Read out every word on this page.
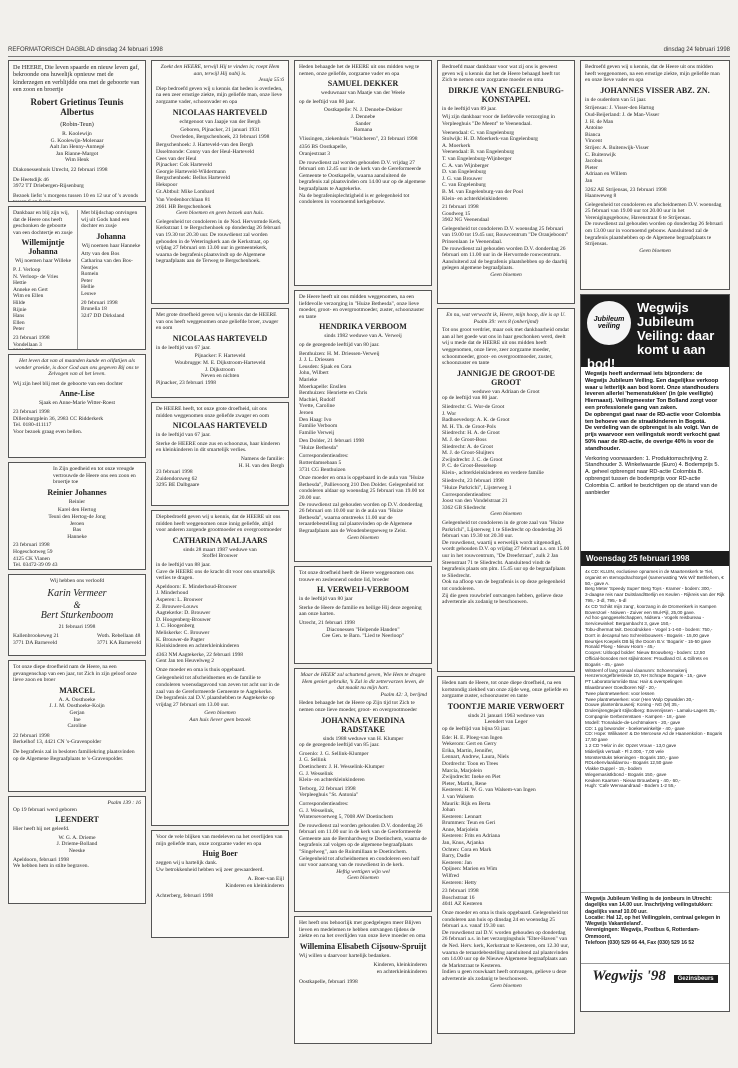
REFORMATORISCH DAGBLAD dinsdag 24 februari 1998	dinsdag 24 februari 1998
De HEERE, Die leven spaarde en nieuw leven gaf, bekroonde ons huwelijk opnieuw met de kinderzegen en verblijdde ons met de geboorte van een zoon en broertje
Robert Grietinus Teunis Albertus
(Robin-Teun)
R. Koolewijn
G. Koolewijn-Molenaar
Aalt Jan Henny-Anmegé
Jan Rianne-Margot
Wim Henk
Diakonessenhuis Utrecht, 22 februari 1998
De Heetsdijk 46
3972 TT Driebergen-Rijsenburg
Bezoek liefst 's morgens tussen 10 en 12 uur of 's avonds
Dankbaar en blij zijn wij, dat de Heere ons heeft geschonken de geboorte van een dochtertje en zusje
Willemijntje Johanna
Wij noemen haar Willeke
P. J. Verloop
N. Verloop- de Vries
Hettie
Anneke en Gert
Wim en Ellen
Hilde
Rijnie
Hans
Ellen
Peter
23 februari 1998
Vondellaan 3

Met blijdschap ontvingen wij uit Gods hand een dochter en zusje
Johanna
Wij noemen haar Hanneke
Atty van den Bos
Catharina van den Bos-Nentjes
Romein
Peter
Hellie
Leuwe
20 februari 1998
Brunelia 18
3247 DD Dirksland
Het leven dat van al maanden kunde en olifatijen als wonder groeide, is door God aan ons gegeven Bij ons te Zelvogen van al het leven.
Wij zijn heel blij met de geboorte van een dochter
Anne-Lise
Sjaak en Anne-Marie Witter-Roest
23 februari 1998
Dillenburgplein 36, 2983 CC Ridderkerk
Tel. 0180-411117
Voor bezoek graag even bellen.
In Zijn goedheid en tot onze vreugde vertrouwde de Heere ons een zoon en broertje toe
Reinier Johannes
Reinier
Karel den Hertog
Teuni den Hertog-de Jong
Jeroen
Bas
Hanneke
23 februari 1998
Hogeschotweg 59
4125 CK Vianen
Tel. 03472-39 09 43
Wij hebben ons verloofd
Karin Vermeer
&
Bert Sturkenboom
21 februari 1998
Kallenbrookeweg 21
3771 DA Barneveld
Woth. Rebellaan 48
3771 KA Barneveld
Tot onze diepe droefheid nam de Heere, na een gevangenschap van een jaar, tot Zich in zijn geloof onze lieve zoon en broer
MARCEL
A. A. Oosthoeke
J. J. M. Oosthoeke-Koijn
Gerjan
Ine
Caroline
22 februari 1998
Berkelhof 13, 4421 CN 's-Gravenpolder
De begrafenis zal in besloten familiekring plaatsvinden op de Algemene Begraafplaats te 's-Gravenpolder.
Psalm 139 : 16
Op 19 februari werd geboren
LEENDERT
Hier heeft hij net geleefd.
W. G. A. Drieme
J. Drieme-Bolland
Neeske
Apeldoorn, februari 1998
We hebben hem in stilte begraven.
Zoekt den HEERE, terwijl Hij te vinden is; roept Hem aan, terwijl Hij nabij is.
Jesaja 55:6
Diep bedroefd geven wij u kennis dat heden is overleden, na een zeer ernstige ziekte, mijn geliefde man, onze lieve zorgzame vader, schoonvader en opa
NICOLAAS HARTEVELD
echtgenoot van Jaapje van der Bergh
Geboren, Pijnacker, 21 januari 1931
Overleden, Bergschenhoek, 23 februari 1998
Bergschenhoek: J. Harteveld-van den Bergh
IJsselmonde: Conny van der Heul-Harteveld
Cees van der Heul
Pijnacker: Cok Harteveld
Georgie Harteveld-Wildermann
Bergschenhoek: Bellus Harteveld
Hekspoor
Gt.Abtbul: Mike Lombard
Van Vredenborchlaan 81
2661 HB Bergschenhoek
Geen bloemen en geen bezoek aan huis.
Gelegenheid tot condoleren in de Nod. Hervormde Kerk, Kerkstraat 1 te Bergschenhoek op donderdag 26 februari van 19.30 tot 20.30 uur. De rouwdienst zal worden gehouden in de Weteringkerk aan de Kerkstraat, op vrijdag 27 februari om 13.00 uur in gemeentekerk, waarna de begrafenis plaatsvindt op de Algemene begraafplaats aan de Terweg te Bergschenhoek.
Met grote droefheid geven wij u kennis dat de HEERE van ons heeft weggenomen onze geliefde broer, zwager en oom
NICOLAAS HARTEVELD
in de leeftijd van 67 jaar.
Pijnacker: F. Harteveld
Woubrugge: M. E. Dijkstroom-Harteveld
J. Dijkstroom
Neven en nichten
Pijnacker, 23 februari 1998
De HEERE heeft, tot onze grote droefheid, uit ons midden weggenomen onze geliefde zwager en oom
NICOLAAS HARTEVELD
in de leeftijd van 67 jaar.
Sterke de HEERE onze zus en schoonzus, haar kinderen en kleinkinderen in dit smartelijk verlies.
Namens de familie:
H. H. van den Bergh
23 februari 1998
Zuidendorsweg 62
3295 BE Dalbgaare
Diepbedroefd geven wij u kennis, dat de HEERE uit ons midden heeft weggenomen onze innig geliefde, altijd voor anderen zorgende grootmoeder en overgrootmoeder
CATHARINA MALJAARS
sinds 28 maart 1987 weduwe van
Stoffel Brouwer
in de leeftijd van 88 jaar.
Gave de HEERE ons de kracht dit voor ons smartelijk verlies te dragen.
Apeldoorn: E. Minderhoud-Brouwer
J. Minderhoud
Asperen: L. Brouwer
Z. Brouwer-Louws
Aagtekerke: D. Brouwer
D. Hoogenberg-Brouwer
J. C. Hoogenberg
Meliskerke: C. Brouwer
K. Brouwer-de Pagter
Kleinkinderen en achterkleinkinderen
4363 NM Aagtekerke, 22 februari 1998
Gent Jan ten Heuvelweg 2
Onze moeder en oma is thuis opgebaard.
Gelegenheid tot afscheidnemen en de familie te condoleren woensdagavond van zeven tot acht uur in de zaal van de Gereformeerde Gemeente te Aagtekerke.
De begrafenis zal D.V. plaatshebben te Aagtekerke op vrijdag 27 februari om 13.00 uur.
Geen bloemen
Aan huis liever geen bezoek
Voor de vele blijken van medeleven na het overlijden van mijn geliefde man, onze zorgzame vader en opa
Huig Boer
zeggen wij u hartelijk dank.
Uw betrokkenheid hebben wij zeer gewaardeerd.
A. Boer-van Eijl
Kinderen en kleinkinderen
Achterberg, februari 1998
Heden behaagde het de HEERE uit ons midden weg te nemen, onze geliefde, zorgzame vader en opa
SAMUEL DEKKER
weduwnaar van Maatje van der Weele
op de leeftijd van 80 jaar.
Oostkapelle: N. J. Dennebe-Dekker
J. Dennebe
Sander
Romana
Vlissingen, ziekenhuis "Walcheren", 23 februari 1998
4356 BS Oostkapelle,
Oranjestraat 3
De rouwdienst zal worden gehouden D.V. vrijdag 27 februari om 12.45 uur in de kerk van de Gereformeerde Gemeente te Oostkapelle, waarna aansluitend de begrafenis zal plaatsvinden om 14.00 uur op de algemene begraafplaats te Aagtekerke.
Na de begrafenisplechtigheid is er gelegenheid tot condoleren in voornoemd kerkgebouw.
De Heere heeft uit ons midden weggenomen, na een liefdevolle verzorging in "Huize Bethesda", onze lieve moeder, groot- en overgrootmoeder, zuster, schoonzuster en tante
HENDRIKA VERBOOM
sinds 1982 weduwe van A. Verweij
op de gezegende leeftijd van 80 jaar.
Benthuizen: H. M. Driessen-Verweij
J. J. L. Driessen
Leusden: Sjaak en Cora
John, Wilbert
Marieke
Moerkapelle: Ensllen
Benthuizen: Henriette en Chris
Machiel, Rudolf
Yvette, Caroline
Jeroen
Den Haag: Ivo
Familie Verboom
Familie Verweij
Den Dolder, 21 februari 1998
"Huize Bethesda"
Correspondentieadres:
Rotterdamsebaan 5
3731 CG Benthuizen
Onze moeder en oma is opgebaard in de aula van "Huize Bethesda", Pallievoorg 210 Den Dolder. Gelegenheid tot condoleren aldaar op woensdag 25 februari van 19.00 tot 20.00 uur.
De rouwdienst zal gehouden worden op D.V. donderdag 26 februari om 10.00 uur in de aula van "Huize Bethesda", waarna omstreeks 11.00 uur de teraardebestelling zal plaatsvinden op de Algemene Begraafplaats aan de Woudenbergseweg te Zeist.
Geen bloemen
Tot onze droefheid heeft de Heere weggenomen ons trouwe en zeslennend oudste lid, broeder
H. VERWEIJ-VERBOOM
in de leeftijd van 80 jaar
Sterke de Heere de familie en heilige Hij deze zegening aan onze harten.
Utrecht, 21 februari 1998
Diaconessen "Helpende Handen"
Cee Gen. te Barn. "Lied te Neerloop"
Maar de HEER' zal schuttend geven, Wie Hem te dragen Hem geniet gebruikt, 'k Zal in dit zettervarzen leven, de dat maakt nu mijn hart.
Psalm 42: 3, berijmd
Heden behaagde het de Heere op Zijn tijd tot Zich te nemen onze lieve moeder, groot- en overgrootmoeder
JOHANNA EVERDINA RADSTAKE
sinds 1988 weduwe van H. Klumper
op de gezegende leeftijd van 85 jaar.
Groenlo: J. G. Sellink-Klumper
J. G. Sellink
Doetinchem: J. H. Wesselink-Klumper
G. J. Wesselink
Klein- en achterkleinkinderen
Terborg, 22 februari 1998
Verpleeghuis "St. Antonia"
Correspondentieadres:
G. J. Wesselink,
Wintersevoetweg 5, 7008 AW Doetinchem
De rouwdienst zal worden gehouden D.V. donderdag 26 februari om 11.00 uur in de kerk van de Gereformeerde Gemeente aan de Bernhardweg te Doetinchem, waarna de begrafenis zal volgen op de algemene begraafplaats "Singelweg", aan de Ruinmillaan te Doetinchem.
Gelegenheid tot afscheidnemen en condoleren een half uur voor aanvang van de rouwdienst in de kerk.
Heftig wettigen wijn wel
Geen bloemen
Het heeft ons behoorlijk met goedgelegen meer Blijven lieven en medelemen te hebben ontvangen tijdens de ziekte en na het overlijden van onze lieve moeder en oma
Willemina Elisabeth Cijsouw-Spruijt
Wij willen u daarvoor hartelijk bedanken.
Kinderen, kleinkinderen
en achterkleinkinderen
Oostkapelle, februari 1998
Bedroefd maar dankbaar voor wat zij ons is geweest geven wij u kennis dat het de Heere behaagd heeft tot Zich te nemen onze zorgzame moeder en oma
DIRKJE VAN ENGELENBURG-KONSTAPEL
in de leeftijd van 89 jaar.
Wij zijn dankbaar voor de liefdevolle verzorging in Verpleeghuis "De Meent" te Veenendaal.
Veenendaal: C. van Engelenburg
Stolwijk: H. D. Moerkerk-van Engelenburg
A. Moerkerk
Veenendaal: B. van Engelenburg
T. van Engelenburg-Wijnberger
C. A. van Wijnberger
D. van Engelenburg
J. G. van Brouwer
C. van Engelenburg
B. M. van Engelenburg-van der Pool
Klein- en achterkleinkinderen
21 februari 1998
Goudweg 15
3902 NG Veenendaal
Gelegenheid tot condoleren D.V. woensdag 25 februari van 19.00 tot 19.45 uur, Rouwcentrum "De Oranjeboom" Prinsenlaan 1e Veenendaal.
De rouwdienst zal gehouden worden D.V. donderdag 26 februari om 11.00 uur in de Hervormde rouwcentrum.
Aansluitend zal de begrafenis plaatshebben op de daarbij gelegen algemene begraafplaats.
Geen bloemen
En nu, wat verwacht ik, Heere, mijn hoop, die is op U.
Psalm 39: vers 8 (onberijmd)
Tot ons groot verdriet, maar ook met dankbaarheid omdat aan al het goede wat ons in haar geschonken werd, deelt wij u mede dat de HEERE uit ons midden heeft weggenomen, onze lieve, zeer zorgzame moeder, schoonmoeder, groot- en overgrootmoeder, zuster, schoonzuster en tante
JANNIGJE DE GROOT-DE GROOT
weduwe van Adriaan de Groot
op de leeftijd van 80 jaar.
Sliedrecht: G. Wor-de Groot
J. Wor
Badhoevedorp: A. K. de Groot
M. H. Th. de Groot-Pols
Sliedrecht: H. A. de Groot
M. J. de Groot-Boss
Sliedrecht: A. de Groot
M. J. de Groot-Sluijters
Zwijndrecht: J. C. de Groot
P. C. de Groot-Besselsep
Klein-, achterkleinkinderen en verdere familie
Sliedrecht, 23 februari 1998
"Huize Parkrichi", Lijsterweg 1
Correspondentieadres:
Joost van den Vondelstraat 21
3362 GB Sliedrecht
Geen bloemen
Gelegenheid tot condoleren in de grote zaal van "Huize Parkrichi", Lijsterweg 1 te Sliedrecht op donderdag 26 februari van 19.30 tot 20.30 uur.
De rouwdienst, waartij u eerwelijk wordt uitgenodigd, wordt gehouden D.V. op vrijdag 27 februari a.s. om 15.00 uur in het rouwcentrum, "De Dreefstraat", zulk 2 Jan Steenstraat 71 te Sliedrecht. Aansluitend vindt de begrafenis plaats om plm. 15.45 uur op de begraafplaats te Sliedrecht.
Ook na afloop van de begrafenis is op deze gelegenheid tot condoleren.
Zij die geen rouwbrief ontvangen hebben, gelieve deze advertentie als zodanig te beschouwen.
Heden nam de Heere, tot onze diepe droefheid, na een kortstondig ziekbed van onze zijde weg, onze geliefde en zorgzame zuster, schoonzuster en tante
TOONTJE MARIE VERWOERT
sinds 21 januari 1963 weduwe van
Leendert van Leger
op de leeftijd van bijna 93 jaar.
Ede: H. E. Ploeg-van Ingen
Wekerom: Gert en Gerry
Erika, Martin, Jennifer,
Lennart, Andrew, Laura, Niels
Dordrecht: Toon en Trees
Marcia, Marjolein
Zwijndrecht: Ineke en Piet
Pleter, Martin, Rene
Kesteren: H. W. G. van Walsem-van Ingen
J. van Walsem
Maurik: Rijk en Berta
Johan
Kesteren: Lennart
Brummen: Teun en Geri
Anne, Marjolein
Kesteren: Frits en Adriana
Jan, Knus, Arjanka
Ochten: Cora en Mark
Barry, Dadie
Kesteren: Jan
Opijnen: Marien en Wim
Wilfred
Kesteren: Hetty
23 februari 1998
Boschstraat 16
4041 AZ Kesteren
Onze moeder en oma is thuis opgebaard. Gelegenheid tot condoleren aan huis op dinsdag 24 en woensdag 25 februari a.s. vanaf 19.30 uur.
De rouwdienst zal D.V. worden gehouden op donderdag 26 februari a.s. in het verzorgingshuis "Elter-Haven" van de Ned. Herv. kerk, Kerkstraat te Kesteren, om 12.30 uur, waarna de teraardebestelling aansluitend zal plaatsvinden om 14.00 uur op de Nieuwe Algemene begraafplaats aan de Marktstraat te Kesteren.
Indien u geen rouwkaart heeft ontvangen, gelieve u deze advertentie als zodanig te beschouwen.
Geen bloemen
Bedroefd geven wij u kennis, dat de Heere uit ons midden heeft weggenomen, na een ernstige ziekte, mijn geliefde man en onze lieve vader en opa
JOHANNES VISSER ABZ. ZN.
in de ouderdom van 51 jaar.
Strijensas: J. Visser-den Hartog
Oud-Beijerland: J. de Man-Visser
J. H. de Man
Antoine
Bianca
Vincent
Strijen: A. Buitenwijk-Visser
C. Buitenwijk
Jacobus
Pieter
Adriaan en Willem
Jan
3262 AE Strijensas, 23 februari 1998
Haanweweg 8
Gelegenheid tot condoleren en afscheidnemen D.V. woensdag 25 februari van 19.00 uur tot 20.00 uur in het Verenigingsgebouw, Havenstraat 6 te Strijensas.
De rouwdienst zal gehouden worden op donderdag 26 februari om 13.00 uur in voornoemd gebouw. Aansluitend zal de begrafenis plaatshebben op de Algemene begraafplaats te Strijensas.
Geen bloemen
Jubileum veiling
Wegwijs Jubileum Veiling: daar komt u aan bod!
Wegwijs heeft andermaal iets bijzonders: de Wegwijs Jubileum Veiling. Een dagelijkse verkoop waar u letterlijk aan bod komt. Onze standhouders leveren allerlei 'hemenstukken' (in (pie veelligte) Hiernaast). Veilingmeester Ton Bolland zorgt voor een professionele gang van zaken.
De opbrengst gaat naar de RD-actie voor Colombia ten behoeve van de straatkinderen in Bogotá.
De verdeling van de opbrengst is als volgt. Van de prijs waarvoor een veilingstuk wordt verkocht gaat 50% naar de RD-actie, de overige 40% is voor de standhouder.
Verkoring voorwaarden: 1. Produktomschrijving 2. Standhouder 3. Winkelwaarde (Euro) 4. Bodemprijs 5. A. geheel opbrengst naar RD-actie Colombia B. opbrengst tussen de bodemprijs voor RD-actie Colombia C. artikel te bezichtigen op de stand van de aanbieder
Woensdag 25 februari 1998
4x CD: KLUIN, exclusieve opnames in de Maartenskerk te Tiel, organist en stemopdrachtorgel (samenvatting 'Wis Wil' Bethlehem, € 50,- gave A.
Berg Meter 'Speedy Super' Berg Toys - Kramer - bodem: 300,-
3-daagse reis naar Duitsland/Berlijn en Keulen - Rijkreis van der Rijk 795,- 3-dl, 795,- 5-dl
4x CD 'Schikt mijn zang', koorzang in de Dromenkerk in Kampen Bovenzoel - Noiwen - Zuiver een Wul-Pijl, 25,00 gave.
Ad hoc-ganggeselschappen, Nidsera - Vogels reisbureau - Servicewinkel: Bergambacht 3, gave 150,-
Tobu-dhermat twit. Decodrukken - Vogel 1-1-60 - bodem: 750,-
Don't in decapsul two Schreinbouwers - Bogaris - 15,00 gave
Beursjes Koepels DB bij the Doorn B.V. 'Bogaris' - 15-50 gave
Ronald Ploeg - Nieuw Hoorn - 45,-
Coopvs: Uitloopd bolder: Nieuw Brouwberg - bodem: 12,50
Official-bonodes met stijlvintoren: Proudland Gl. & Gillrets en Bogaris - 45,- gave
Witstemf of lang zonaal vlaanunm: Schoenmakerij
Henzemorgefbriesleide 10, NH Schrape Bogaris - 15,- gave
PT Laboratoriumriide Bau: Hair & overspelingen
Blaasbruneer Goedboren Nijf - 20,-
Twee plantnetwerken: voor lessen
Twee plantnetwerken: voor (Hen Wulp Opwalden 30,-
Douwe plantenbrouwerij: Koning - NG (M) 35,-
Drulenijrengtejarit stijlvolberg: Bovenrijssen - Lamalu-Lagers 35,-
Compagnie Gerbezenstaen - Kampen - 18,- gave
Modell: Tronaluide-de-Lechtmakers - 20,- gave
CD: 1 gg bewonder - boekenwinkeltje - 40,- gave
CD: Hope: Wilikasen' & De Merceuse Ad de Haanenkolon - Bogaris 17,50 gave
1 2 CD 'Hela' in de: Opzet Vrouw - 13,0 gave
Miderlijsk vertaalt - Fl 2.000,- 7,00 vele
Monsterstuks tekeningen - Bogaris 150,- gave
RDLebenvlaalidavrou - Bogaris 12,50 gave
Vlakke Duppel - 15,- bodem
Wiegemasistkbond - Bogaris 150,- gave
Keuken Kaarsen - Nieuw Brouwberg - 40,- 60,-
Hugh: 'Cafe Wervaandraad - Bodem 1-2 55,-
Wegwijs Jubileum Veiling is de jonbeurs in Utrecht: dagelijks van 14.00 uur. Inschrijving veilingstukken: dagelijks vanaf 10.00 uur.
Locatie: Hal 12, op het Veilingplein, centraal gelegen in 'Wegwijs Vakantieland'.
Verenigingen: Wegwijs, Postbus 6, Rotterdam-Ommoord,
Telefoon (030) 529 66 44, Fax (030) 529 16 52
Wegwijs '98 Gezinsbeurs
